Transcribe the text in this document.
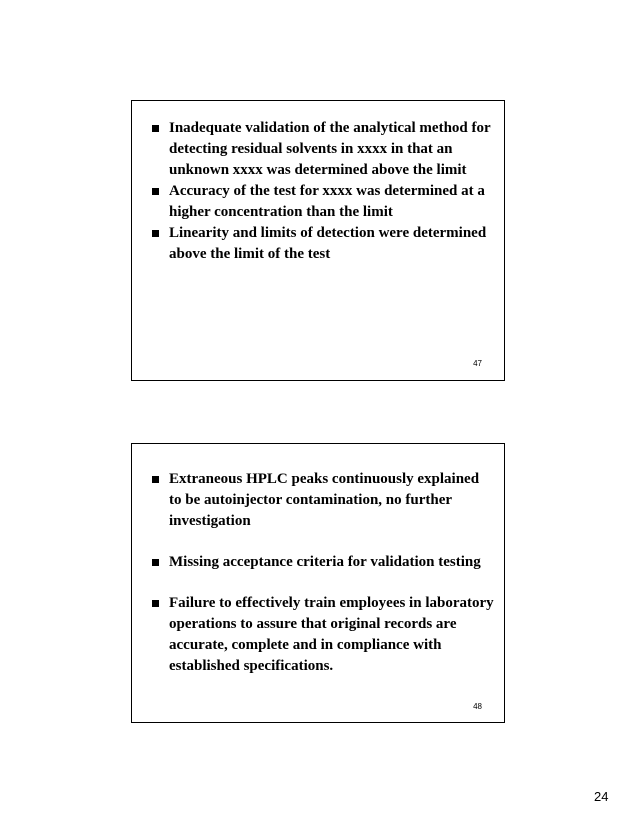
Inadequate validation of the analytical method for detecting residual solvents in xxxx in that an unknown xxxx was determined above the limit
Accuracy of the test for xxxx was determined at a higher concentration than the limit
Linearity and limits of detection were determined above the limit of the test
47
Extraneous HPLC peaks continuously explained to be autoinjector contamination, no further investigation
Missing acceptance criteria for validation testing
Failure to effectively train employees in laboratory operations to assure that original records are accurate, complete and in compliance with established specifications.
48
24
